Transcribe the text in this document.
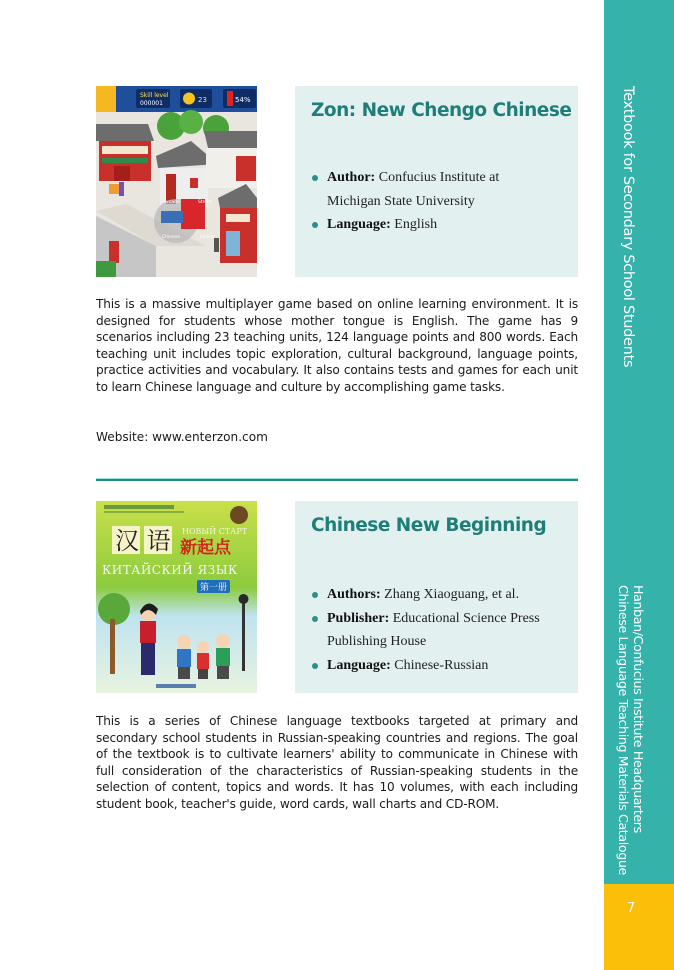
Skill level
000001	23	54%
Arcade	Street
Chinese	Leave
Zon: New Chengo Chinese
Author: Confucius Institute at
Michigan State University
Language: English

This is a massive multiplayer game based on online learning environment. It is designed for students whose mother tongue is English. The game has 9 scenarios including 23 teaching units, 124 language points and 800 words. Each teaching unit includes topic exploration, cultural background, language points, practice activities and vocabulary. It also contains tests and games for each unit to learn Chinese language and culture by accomplishing game tasks.

Website: www.enterzon.com
汉 语 НОВЫЙ СТАРТ
新起点
КИТАЙСКИЙ ЯЗЫК
第一册
Chinese New Beginning
Authors: Zhang Xiaoguang, et al.
Publisher: Educational Science Press
Publishing House
Language: Chinese-Russian

This is a series of Chinese language textbooks targeted at primary and secondary school students in Russian-speaking countries and regions. The goal of the textbook is to cultivate learners' ability to communicate in Chinese with full consideration of the characteristics of Russian-speaking students in the selection of content, topics and words. It has 10 volumes, with each including student book, teacher's guide, word cards, wall charts and CD-ROM.

Textbook for Secondary School Students
Hanban/Confucius Institute Headquarters
Chinese Language Teaching Materials Catalogue
7
